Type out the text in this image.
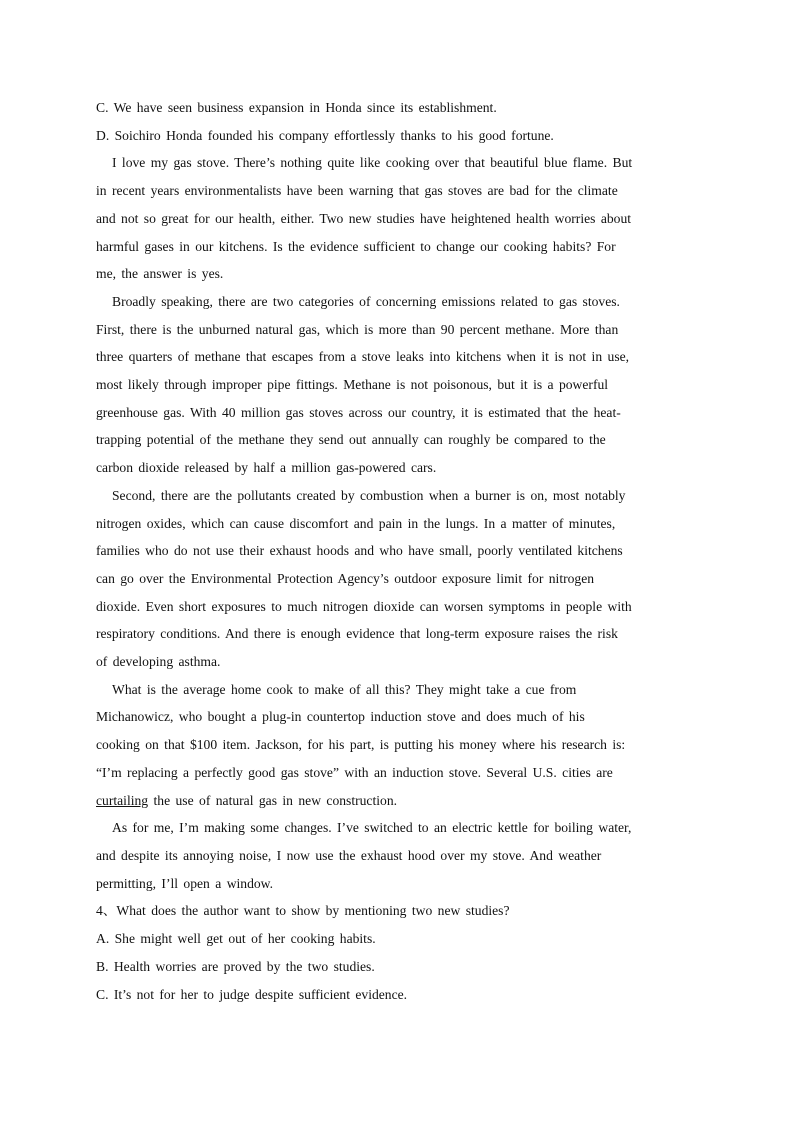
C. We have seen business expansion in Honda since its establishment.
D. Soichiro Honda founded his company effortlessly thanks to his good fortune.
I love my gas stove. There’s nothing quite like cooking over that beautiful blue flame. But
in recent years environmentalists have been warning that gas stoves are bad for the climate
and not so great for our health, either. Two new studies have heightened health worries about
harmful gases in our kitchens. Is the evidence sufficient to change our cooking habits? For
me, the answer is yes.
Broadly speaking, there are two categories of concerning emissions related to gas stoves.
First, there is the unburned natural gas, which is more than 90 percent methane. More than
three quarters of methane that escapes from a stove leaks into kitchens when it is not in use,
most likely through improper pipe fittings. Methane is not poisonous, but it is a powerful
greenhouse gas. With 40 million gas stoves across our country, it is estimated that the heat-
trapping potential of the methane they send out annually can roughly be compared to the
carbon dioxide released by half a million gas-powered cars.
Second, there are the pollutants created by combustion when a burner is on, most notably
nitrogen oxides, which can cause discomfort and pain in the lungs. In a matter of minutes,
families who do not use their exhaust hoods and who have small, poorly ventilated kitchens
can go over the Environmental Protection Agency’s outdoor exposure limit for nitrogen
dioxide. Even short exposures to much nitrogen dioxide can worsen symptoms in people with
respiratory conditions. And there is enough evidence that long-term exposure raises the risk
of developing asthma.
What is the average home cook to make of all this? They might take a cue from
Michanowicz, who bought a plug-in countertop induction stove and does much of his
cooking on that $100 item. Jackson, for his part, is putting his money where his research is:
“I’m replacing a perfectly good gas stove” with an induction stove. Several U.S. cities are
curtailing the use of natural gas in new construction.
As for me, I’m making some changes. I’ve switched to an electric kettle for boiling water,
and despite its annoying noise, I now use the exhaust hood over my stove. And weather
permitting, I’ll open a window.
4、What does the author want to show by mentioning two new studies?
A. She might well get out of her cooking habits.
B. Health worries are proved by the two studies.
C. It’s not for her to judge despite sufficient evidence.
